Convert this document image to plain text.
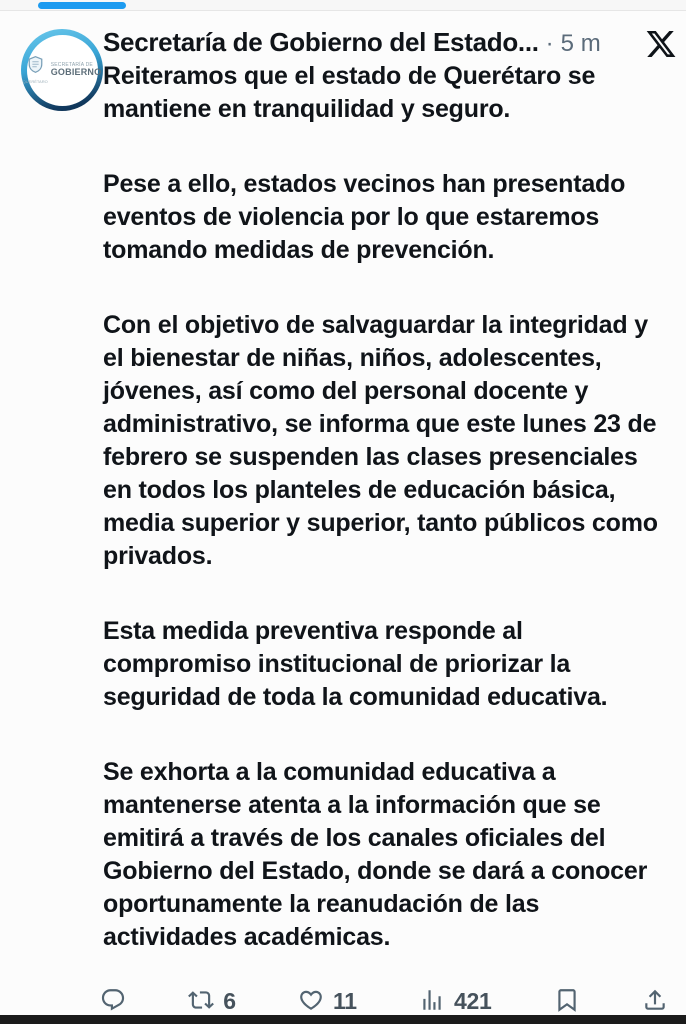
QUERÉTARO
SECRETARÍA DE
GOBIERNO
Secretaría de Gobierno del Estado... · 5 m

Reiteramos que el estado de Querétaro se mantiene en tranquilidad y seguro.

Pese a ello, estados vecinos han presentado eventos de violencia por lo que estaremos tomando medidas de prevención.

Con el objetivo de salvaguardar la integridad y el bienestar de niñas, niños, adolescentes, jóvenes, así como del personal docente y administrativo, se informa que este lunes 23 de febrero se suspenden las clases presenciales en todos los planteles de educación básica, media superior y superior, tanto públicos como privados.

Esta medida preventiva responde al compromiso institucional de priorizar la seguridad de toda la comunidad educativa.

Se exhorta a la comunidad educativa a mantenerse atenta a la información que se emitirá a través de los canales oficiales del Gobierno del Estado, donde se dará a conocer oportunamente la reanudación de las actividades académicas.

6	11	421
